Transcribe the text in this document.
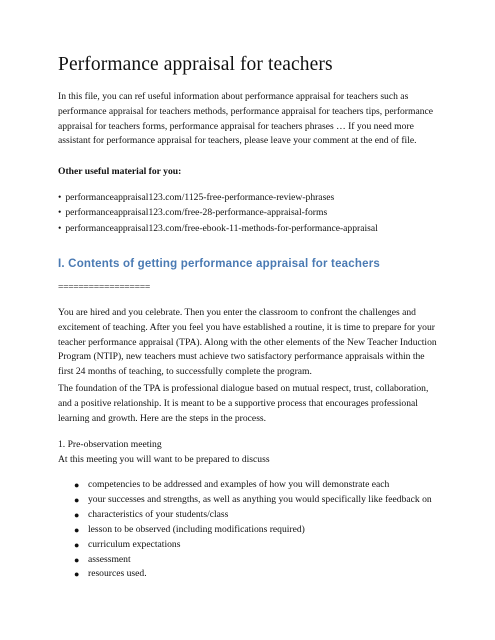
Performance appraisal for teachers

In this file, you can ref useful information about performance appraisal for teachers such as performance appraisal for teachers methods, performance appraisal for teachers tips, performance appraisal for teachers forms, performance appraisal for teachers phrases … If you need more assistant for performance appraisal for teachers, please leave your comment at the end of file.

Other useful material for you:

• performanceappraisal123.com/1125-free-performance-review-phrases
• performanceappraisal123.com/free-28-performance-appraisal-forms
• performanceappraisal123.com/free-ebook-11-methods-for-performance-appraisal
I. Contents of getting performance appraisal for teachers

==================

You are hired and you celebrate. Then you enter the classroom to confront the challenges and excitement of teaching. After you feel you have established a routine, it is time to prepare for your teacher performance appraisal (TPA). Along with the other elements of the New Teacher Induction Program (NTIP), new teachers must achieve two satisfactory performance appraisals within the first 24 months of teaching, to successfully complete the program.

The foundation of the TPA is professional dialogue based on mutual respect, trust, collaboration, and a positive relationship. It is meant to be a supportive process that encourages professional learning and growth. Here are the steps in the process.

1. Pre-observation meeting
At this meeting you will want to be prepared to discuss
● competencies to be addressed and examples of how you will demonstrate each
● your successes and strengths, as well as anything you would specifically like feedback on
● characteristics of your students/class
● lesson to be observed (including modifications required)
● curriculum expectations
● assessment
● resources used.
